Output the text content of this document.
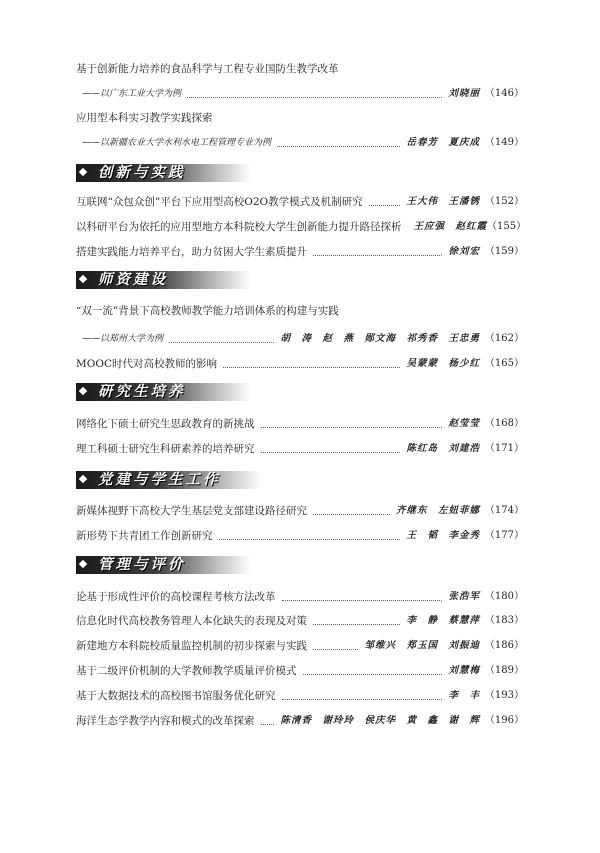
基于创新能力培养的食品科学与工程专业国防生教学改革
——以广东工业大学为例	刘晓丽 （146）
应用型本科实习教学实践探索
——以新疆农业大学水利水电工程管理专业为例	岳春芳　夏庆成 （149）
创新与实践
互联网“众包众创”平台下应用型高校O2O教学模式及机制研究	王大伟　王潘锈 （152）
以科研平台为依托的应用型地方本科院校大学生创新能力提升路径探析 王应强　赵红霞 （155）
搭建实践能力培养平台，助力贫困大学生素质提升	徐刘宏 （159）
师资建设
“双一流”背景下高校教师教学能力培训体系的构建与实践
——以郑州大学为例	胡　涛　赵　燕　郧文海　祁秀香　王忠勇 （162）
MOOC时代对高校教师的影响	吴蒙蒙　杨少红 （165）
研究生培养
网络化下硕士研究生思政教育的新挑战	赵莹莹 （168）
理工科硕士研究生科研素养的培养研究	陈红岛　刘建浩 （171）
党建与学生工作
新媒体视野下高校大学生基层党支部建设路径研究	齐继东　左妞菲娜 （174）
新形势下共青团工作创新研究	王　韬　李金秀 （177）
管理与评价
论基于形成性评价的高校课程考核方法改革	张浩军 （180）
信息化时代高校教务管理人本化缺失的表现及对策	李　静　蔡慧萍 （183）
新建地方本科院校质量监控机制的初步探索与实践	邹维兴　郑玉国　刘振迪 （186）
基于二级评价机制的大学教师教学质量评价模式	刘慧梅 （189）
基于大数据技术的高校图书馆服务优化研究	李　丰 （193）
海洋生态学教学内容和模式的改革探索	陈清香　谢玲玲　侯庆华　黄　鑫　谢　辉 （196）
